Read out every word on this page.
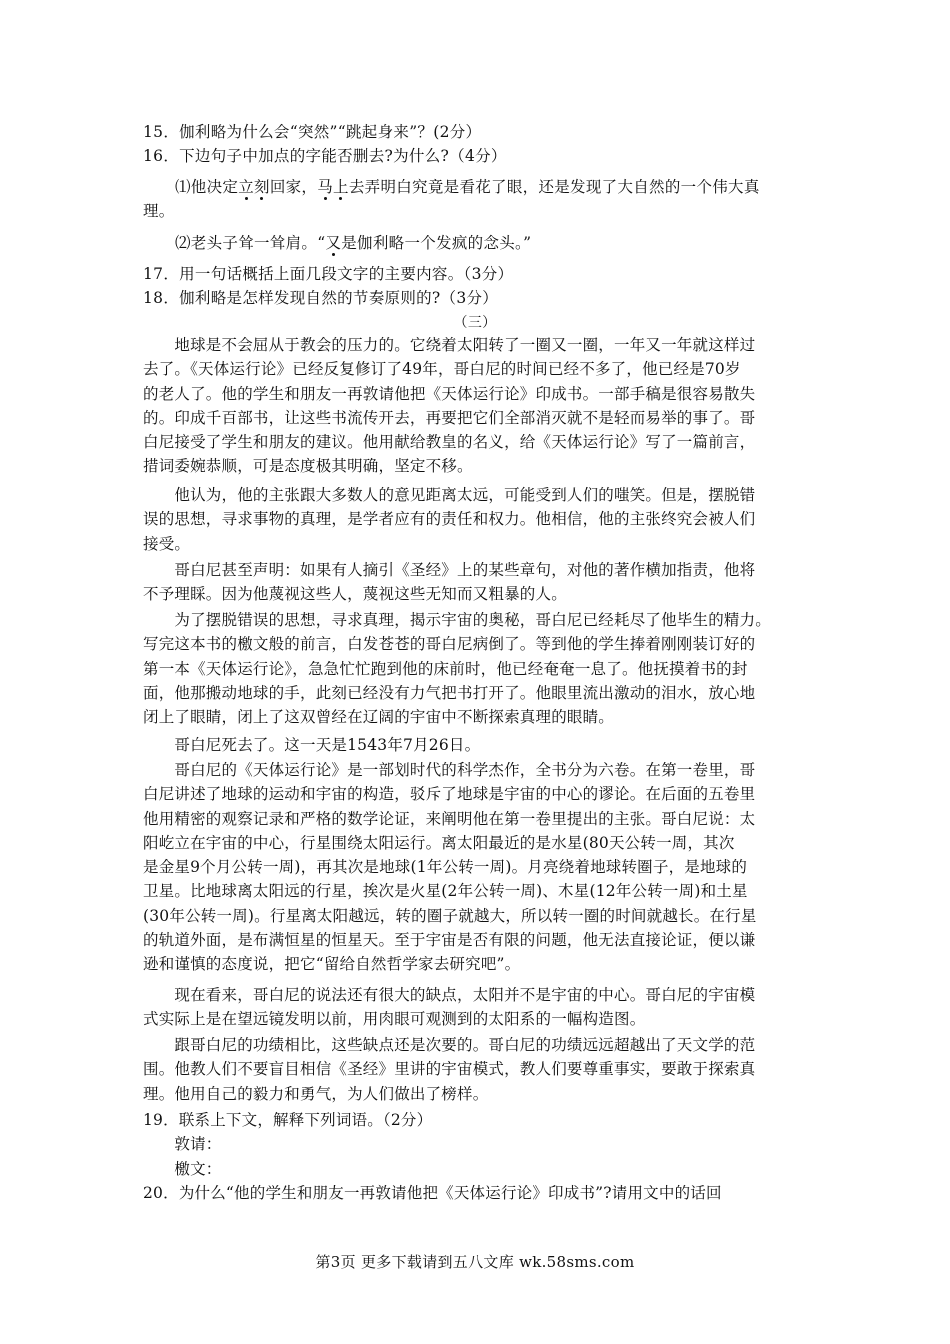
15．伽利略为什么会“突然”“跳起身来”？(2分）
16．下边句子中加点的字能否删去?为什么?（4分）
⑴他决定立刻回家，马上去弄明白究竟是看花了眼，还是发现了大自然的一个伟大真
理。
⑵老头子耸一耸肩。“又是伽利略一个发疯的念头。”
17．用一句话概括上面几段文字的主要内容。（3分）
18．伽利略是怎样发现自然的节奏原则的?（3分）
（三）
　　地球是不会屈从于教会的压力的。它绕着太阳转了一圈又一圈，一年又一年就这样过
去了。《天体运行论》已经反复修订了49年，哥白尼的时间已经不多了，他已经是70岁
的老人了。他的学生和朋友一再敦请他把《天体运行论》印成书。一部手稿是很容易散失
的。印成千百部书，让这些书流传开去，再要把它们全部消灭就不是轻而易举的事了。哥
白尼接受了学生和朋友的建议。他用献给教皇的名义，给《天体运行论》写了一篇前言，
措词委婉恭顺，可是态度极其明确，坚定不移。
　　他认为，他的主张跟大多数人的意见距离太远，可能受到人们的嗤笑。但是，摆脱错
误的思想，寻求事物的真理，是学者应有的责任和权力。他相信，他的主张终究会被人们
接受。
　　哥白尼甚至声明：如果有人摘引《圣经》上的某些章句，对他的著作横加指责，他将
不予理睬。因为他蔑视这些人，蔑视这些无知而又粗暴的人。
　　为了摆脱错误的思想，寻求真理，揭示宇宙的奥秘，哥白尼已经耗尽了他毕生的精力。
写完这本书的檄文般的前言，白发苍苍的哥白尼病倒了。等到他的学生捧着刚刚装订好的
第一本《天体运行论》，急急忙忙跑到他的床前时，他已经奄奄一息了。他抚摸着书的封
面，他那搬动地球的手，此刻已经没有力气把书打开了。他眼里流出激动的泪水，放心地
闭上了眼睛，闭上了这双曾经在辽阔的宇宙中不断探索真理的眼睛。
　　哥白尼死去了。这一天是1543年7月26日。
　　哥白尼的《天体运行论》是一部划时代的科学杰作，全书分为六卷。在第一卷里，哥
白尼讲述了地球的运动和宇宙的构造，驳斥了地球是宇宙的中心的谬论。在后面的五卷里
他用精密的观察记录和严格的数学论证，来阐明他在第一卷里提出的主张。哥白尼说：太
阳屹立在宇宙的中心，行星围绕太阳运行。离太阳最近的是水星(80天公转一周，其次
是金星9个月公转一周)，再其次是地球(1年公转一周)。月亮绕着地球转圈子，是地球的
卫星。比地球离太阳远的行星，挨次是火星(2年公转一周)、木星(12年公转一周)和土星
(30年公转一周)。行星离太阳越远，转的圈子就越大，所以转一圈的时间就越长。在行星
的轨道外面，是布满恒星的恒星天。至于宇宙是否有限的问题，他无法直接论证，便以谦
逊和谨慎的态度说，把它“留给自然哲学家去研究吧”。
　　现在看来，哥白尼的说法还有很大的缺点，太阳并不是宇宙的中心。哥白尼的宇宙模
式实际上是在望远镜发明以前，用肉眼可观测到的太阳系的一幅构造图。
　　跟哥白尼的功绩相比，这些缺点还是次要的。哥白尼的功绩远远超越出了天文学的范
围。他教人们不要盲目相信《圣经》里讲的宇宙模式，教人们要尊重事实，要敢于探索真
理。他用自己的毅力和勇气，为人们做出了榜样。
19．联系上下文，解释下列词语。（2分）
　　敦请：
　　檄文：
20．为什么“他的学生和朋友一再敦请他把《天体运行论》印成书”?请用文中的话回
第3页 更多下载请到五八文库 wk.58sms.com
